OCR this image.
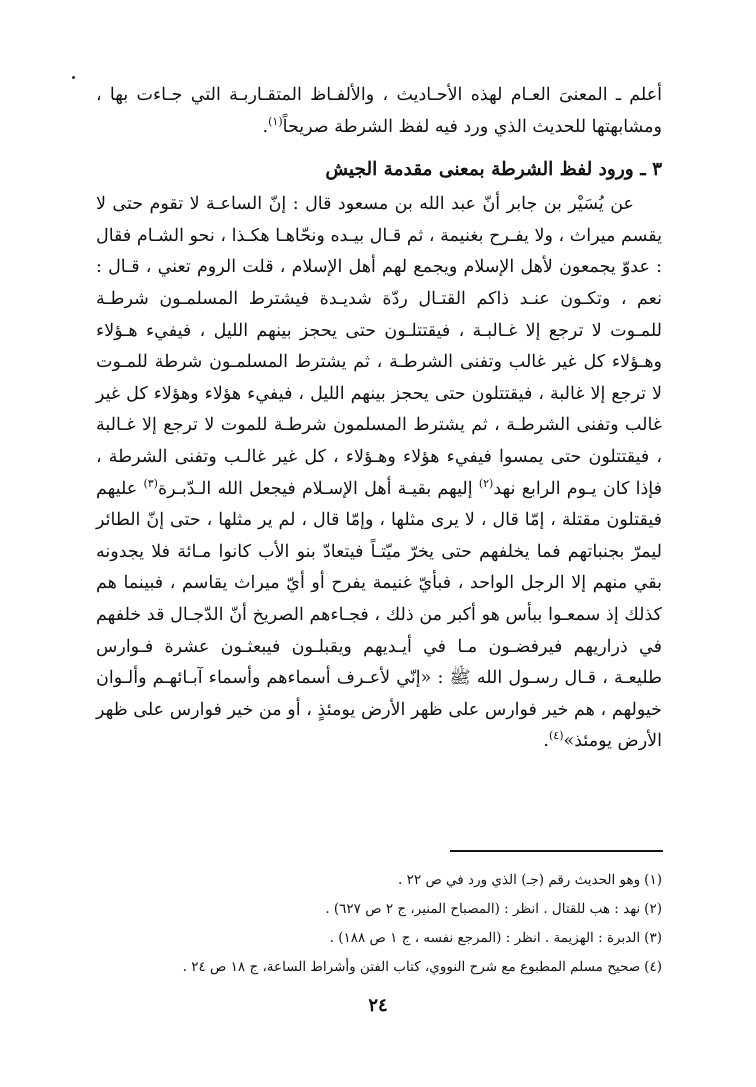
أعلم ـ المعنىَ العـام لهذه الأحـاديث ، والألفـاظ المتقـاربـة التي جـاءت بها ، ومشابهتها للحديث الذي ورد فيه لفظ الشرطة صريحاً$^{(١)}$.

٣ ـ ورود لفظ الشرطة بمعنى مقدمة الجيش

عن يُسَيْر بن جابر أنّ عبد الله بن مسعود قال : إنّ الساعـة لا تقوم حتى لا يقسم ميراث ، ولا يفـرح بغنيمة ، ثم قـال بيـده ونحّاهـا هكـذا ، نحو الشـام فقال : عدوّ يجمعون لأهل الإسلام ويجمع لهم أهل الإسلام ، قلت الروم تعني ، قـال : نعم ، وتكـون عنـد ذاكم القتـال ردّة شديـدة فيشترط المسلمـون شرطـة للمـوت لا ترجع إلا غـالبـة ، فيقتتلـون حتى يحجز بينهم الليل ، فيفيء هـؤلاء وهـؤلاء كل غير غالب وتفنى الشرطـة ، ثم يشترط المسلمـون شرطة للمـوت لا ترجع إلا غالبة ، فيقتتلون حتى يحجز بينهم الليل ، فيفيء هؤلاء وهؤلاء كل غير غالب وتفنى الشرطـة ، ثم يشترط المسلمون شرطـة للموت لا ترجع إلا غـالبة ، فيقتتلون حتى يمسوا فيفيء هؤلاء وهـؤلاء ، كل غير غالـب وتفنى الشرطة ، فإذا كان يـوم الرابع نهد$^{(٢)}$ إليهم بقيـة أهل الإسـلام فيجعل الله الـدّبـرة$^{(٣)}$ عليهم فيقتلون مقتلة ، إمّا قال ، لا يرى مثلها ، وإمّا قال ، لم ير مثلها ، حتى إنّ الطائر ليمرّ بجنباتهم فما يخلفهم حتى يخرّ ميّتـاً فيتعادّ بنو الأب كانوا مـائة فلا يجدونه بقي منهم إلا الرجل الواحد ، فبأيّ غنيمة يفرح أو أيّ ميراث يقاسم ، فبينما هم كذلك إذ سمعـوا ببأس هو أكبر من ذلك ، فجـاءهم الصريخ أنّ الدّجـال قد خلفهم في ذراريهم فيرفضـون مـا في أيـديهم ويقبلـون فيبعثـون عشرة فـوارس طليعـة ، قـال رسـول الله ﷺ : «إنّي لأعـرف أسماءهم وأسماء آبـائهـم وألـوان خيولهم ، هم خير فوارس على ظهر الأرض يومئذٍ ، أو من خير فوارس على ظهر الأرض يومئذ»$^{(٤)}$.

(١)وهو الحديث رقم (جـ) الذي ورد في ص ٢٢ .

(٢)نهد : هب للقتال . انظر : (المصباح المنير، ج ٢ ص ٦٢٧) .

(٣)الدبرة : الهزيمة . انظر : (المرجع نفسه ، ج ١ ص ١٨٨) .

(٤)صحيح مسلم المطبوع مع شرح النووي، كتاب الفتن وأشراط الساعة، ج ١٨ ص ٢٤ .

٢٤
